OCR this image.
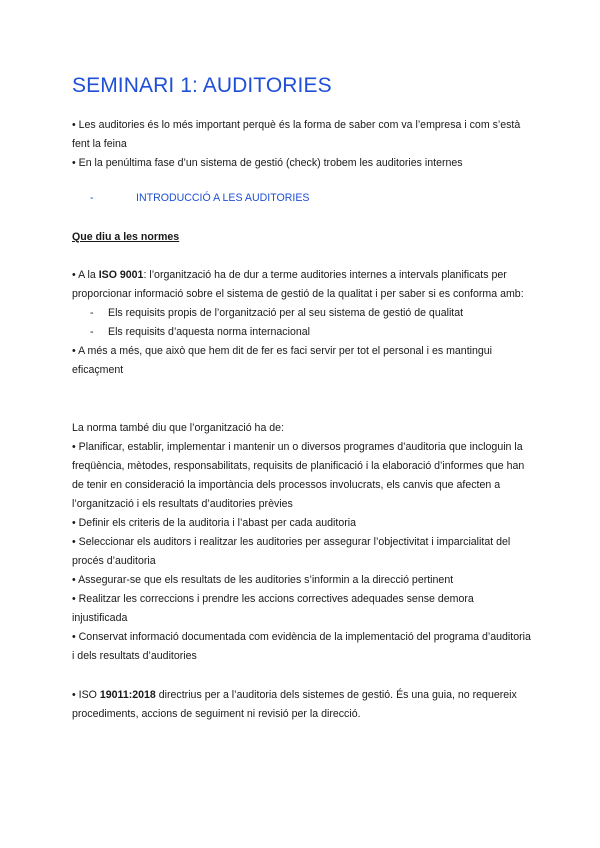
SEMINARI 1: AUDITORIES

• Les auditories és lo més important perquè és la forma de saber com va l’empresa i com s’està fent la feina

• En la penúltima fase d’un sistema de gestió (check) trobem les auditories internes

-	INTRODUCCIÓ A LES AUDITORIES
Que diu a les normes

• A la ISO 9001: l’organització ha de dur a terme auditories internes a intervals planificats per proporcionar informació sobre el sistema de gestió de la qualitat i per saber si es conforma amb:

-	Els requisits propis de l’organització per al seu sistema de gestió de qualitat
-	Els requisits d’aquesta norma internacional

• A més a més, que això que hem dit de fer es faci servir per tot el personal i es mantingui eficaçment

La norma també diu que l’organització ha de:

• Planificar, establir, implementar i mantenir un o diversos programes d’auditoria que incloguin la freqüència, mètodes, responsabilitats, requisits de planificació i la elaboració d’informes que han de tenir en consideració la importància dels processos involucrats, els canvis que afecten a l’organització i els resultats d’auditories prèvies

• Definir els criteris de la auditoria i l’abast per cada auditoria

• Seleccionar els auditors i realitzar les auditories per assegurar l’objectivitat i imparcialitat del procés d’auditoria

• Assegurar-se que els resultats de les auditories s’informin a la direcció pertinent

• Realitzar les correccions i prendre les accions correctives adequades sense demora injustificada

• Conservat informació documentada com evidència de la implementació del programa d’auditoria i dels resultats d’auditories

• ISO 19011:2018 directrius per a l’auditoria dels sistemes de gestió. És una guia, no requereix procediments, accions de seguiment ni revisió per la direcció.
